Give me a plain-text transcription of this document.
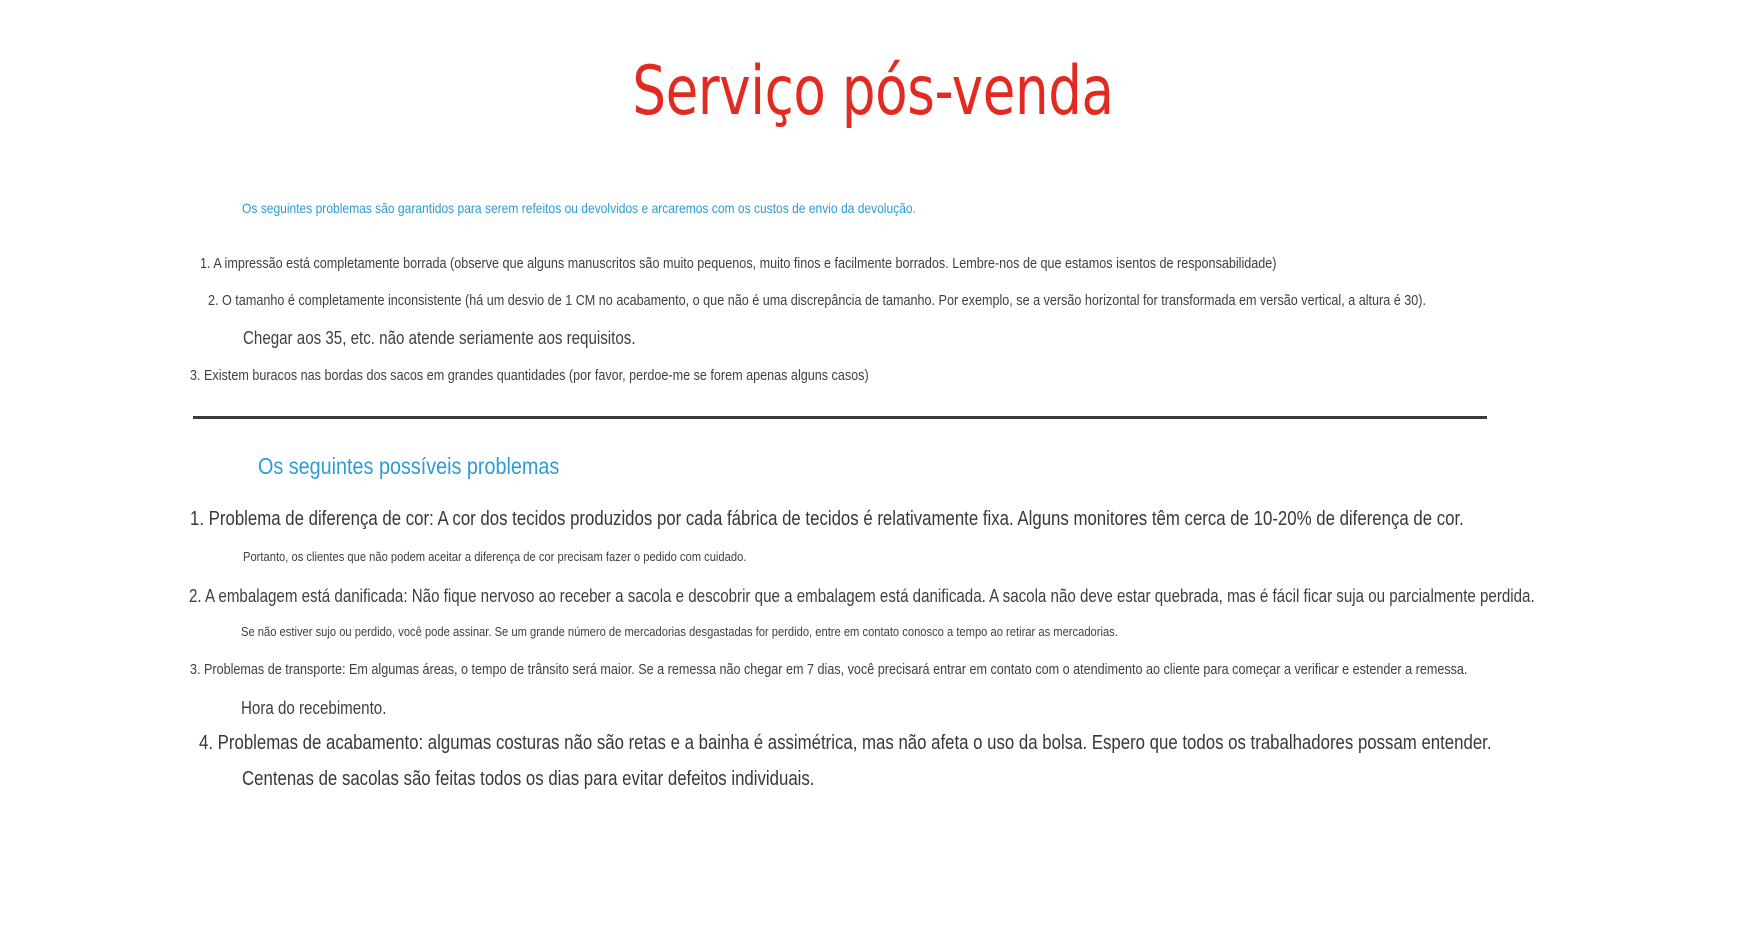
Serviço pós-venda
Os seguintes problemas são garantidos para serem refeitos ou devolvidos e arcaremos com os custos de envio da devolução.
1. A impressão está completamente borrada (observe que alguns manuscritos são muito pequenos, muito finos e facilmente borrados. Lembre-nos de que estamos isentos de responsabilidade)
2. O tamanho é completamente inconsistente (há um desvio de 1 CM no acabamento, o que não é uma discrepância de tamanho. Por exemplo, se a versão horizontal for transformada em versão vertical, a altura é 30).
Chegar aos 35, etc. não atende seriamente aos requisitos.
3. Existem buracos nas bordas dos sacos em grandes quantidades (por favor, perdoe-me se forem apenas alguns casos)
Os seguintes possíveis problemas
1. Problema de diferença de cor: A cor dos tecidos produzidos por cada fábrica de tecidos é relativamente fixa. Alguns monitores têm cerca de 10-20% de diferença de cor.
Portanto, os clientes que não podem aceitar a diferença de cor precisam fazer o pedido com cuidado.
2. A embalagem está danificada: Não fique nervoso ao receber a sacola e descobrir que a embalagem está danificada. A sacola não deve estar quebrada, mas é fácil ficar suja ou parcialmente perdida.
Se não estiver sujo ou perdido, você pode assinar. Se um grande número de mercadorias desgastadas for perdido, entre em contato conosco a tempo ao retirar as mercadorias.
3. Problemas de transporte: Em algumas áreas, o tempo de trânsito será maior. Se a remessa não chegar em 7 dias, você precisará entrar em contato com o atendimento ao cliente para começar a verificar e estender a remessa.
Hora do recebimento.
4. Problemas de acabamento: algumas costuras não são retas e a bainha é assimétrica, mas não afeta o uso da bolsa. Espero que todos os trabalhadores possam entender.
Centenas de sacolas são feitas todos os dias para evitar defeitos individuais.
